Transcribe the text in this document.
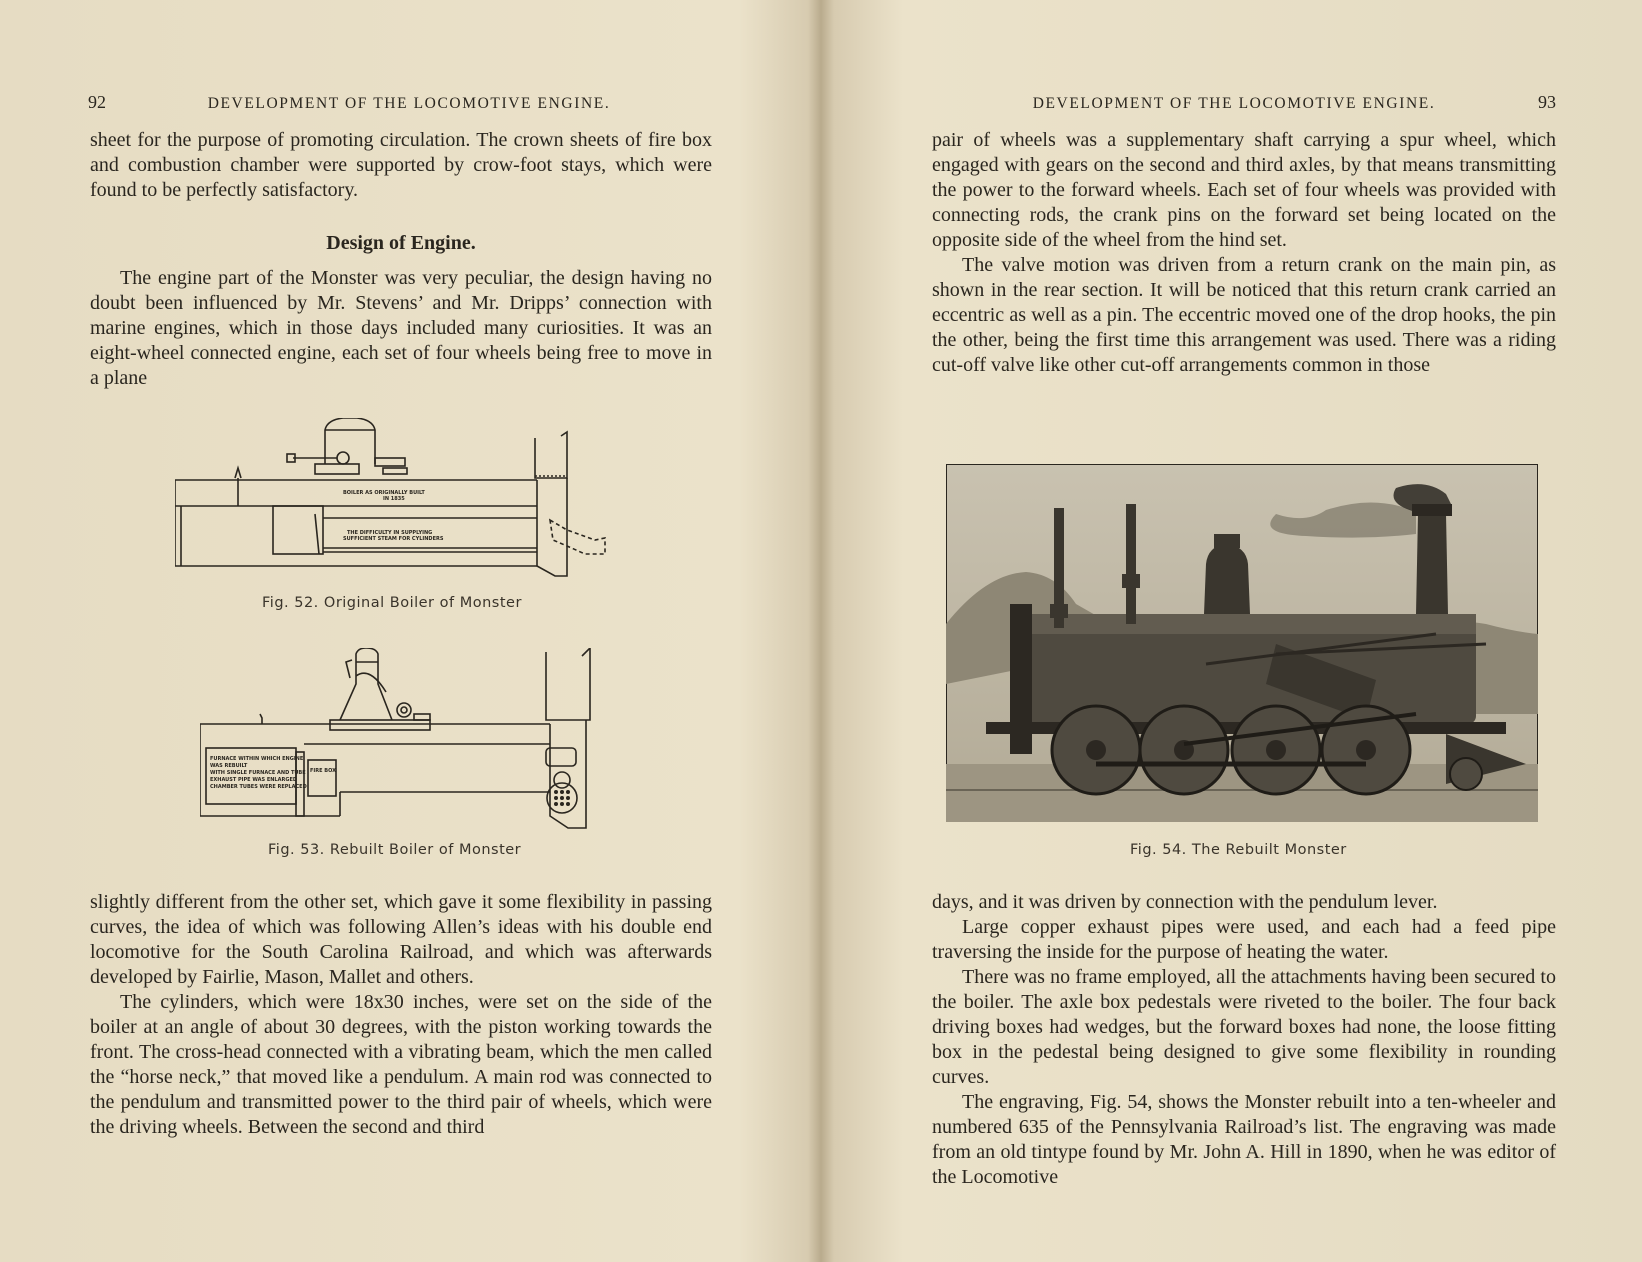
92	DEVELOPMENT OF THE LOCOMOTIVE ENGINE.

sheet for the purpose of promoting circulation. The crown sheets of fire box and combustion chamber were supported by crow-foot stays, which were found to be perfectly satisfactory.

Design of Engine.

The engine part of the Monster was very peculiar, the design having no doubt been influenced by Mr. Stevens’ and Mr. Dripps’ connection with marine engines, which in those days included many curiosities. It was an eight-wheel connected engine, each set of four wheels being free to move in a plane

BOILER AS ORIGINALLY BUILT
IN 1835
THE DIFFICULTY IN SUPPLYING
SUFFICIENT STEAM FOR CYLINDERS
Fig. 52. Original Boiler of Monster
FURNACE WITHIN WHICH ENGINE
WAS REBUILT
WITH SINGLE FURNACE AND TUBE
EXHAUST PIPE WAS ENLARGED
CHAMBER TUBES WERE REPLACED
FIRE BOX
Fig. 53. Rebuilt Boiler of Monster

slightly different from the other set, which gave it some flexibility in passing curves, the idea of which was following Allen’s ideas with his double end locomotive for the South Carolina Railroad, and which was afterwards developed by Fairlie, Mason, Mallet and others.

The cylinders, which were 18x30 inches, were set on the side of the boiler at an angle of about 30 degrees, with the piston working towards the front. The cross-head connected with a vibrating beam, which the men called the “horse neck,” that moved like a pendulum. A main rod was connected to the pendulum and transmitted power to the third pair of wheels, which were the driving wheels. Between the second and third

DEVELOPMENT OF THE LOCOMOTIVE ENGINE.	93

pair of wheels was a supplementary shaft carrying a spur wheel, which engaged with gears on the second and third axles, by that means transmitting the power to the forward wheels. Each set of four wheels was provided with connecting rods, the crank pins on the forward set being located on the opposite side of the wheel from the hind set.

The valve motion was driven from a return crank on the main pin, as shown in the rear section. It will be noticed that this return crank carried an eccentric as well as a pin. The eccentric moved one of the drop hooks, the pin the other, being the first time this arrangement was used. There was a riding cut-off valve like other cut-off arrangements common in those

Fig. 54. The Rebuilt Monster

days, and it was driven by connection with the pendulum lever.

Large copper exhaust pipes were used, and each had a feed pipe traversing the inside for the purpose of heating the water.

There was no frame employed, all the attachments having been secured to the boiler. The axle box pedestals were riveted to the boiler. The four back driving boxes had wedges, but the forward boxes had none, the loose fitting box in the pedestal being designed to give some flexibility in rounding curves.

The engraving, Fig. 54, shows the Monster rebuilt into a ten-wheeler and numbered 635 of the Pennsylvania Railroad’s list. The engraving was made from an old tintype found by Mr. John A. Hill in 1890, when he was editor of the Locomotive
